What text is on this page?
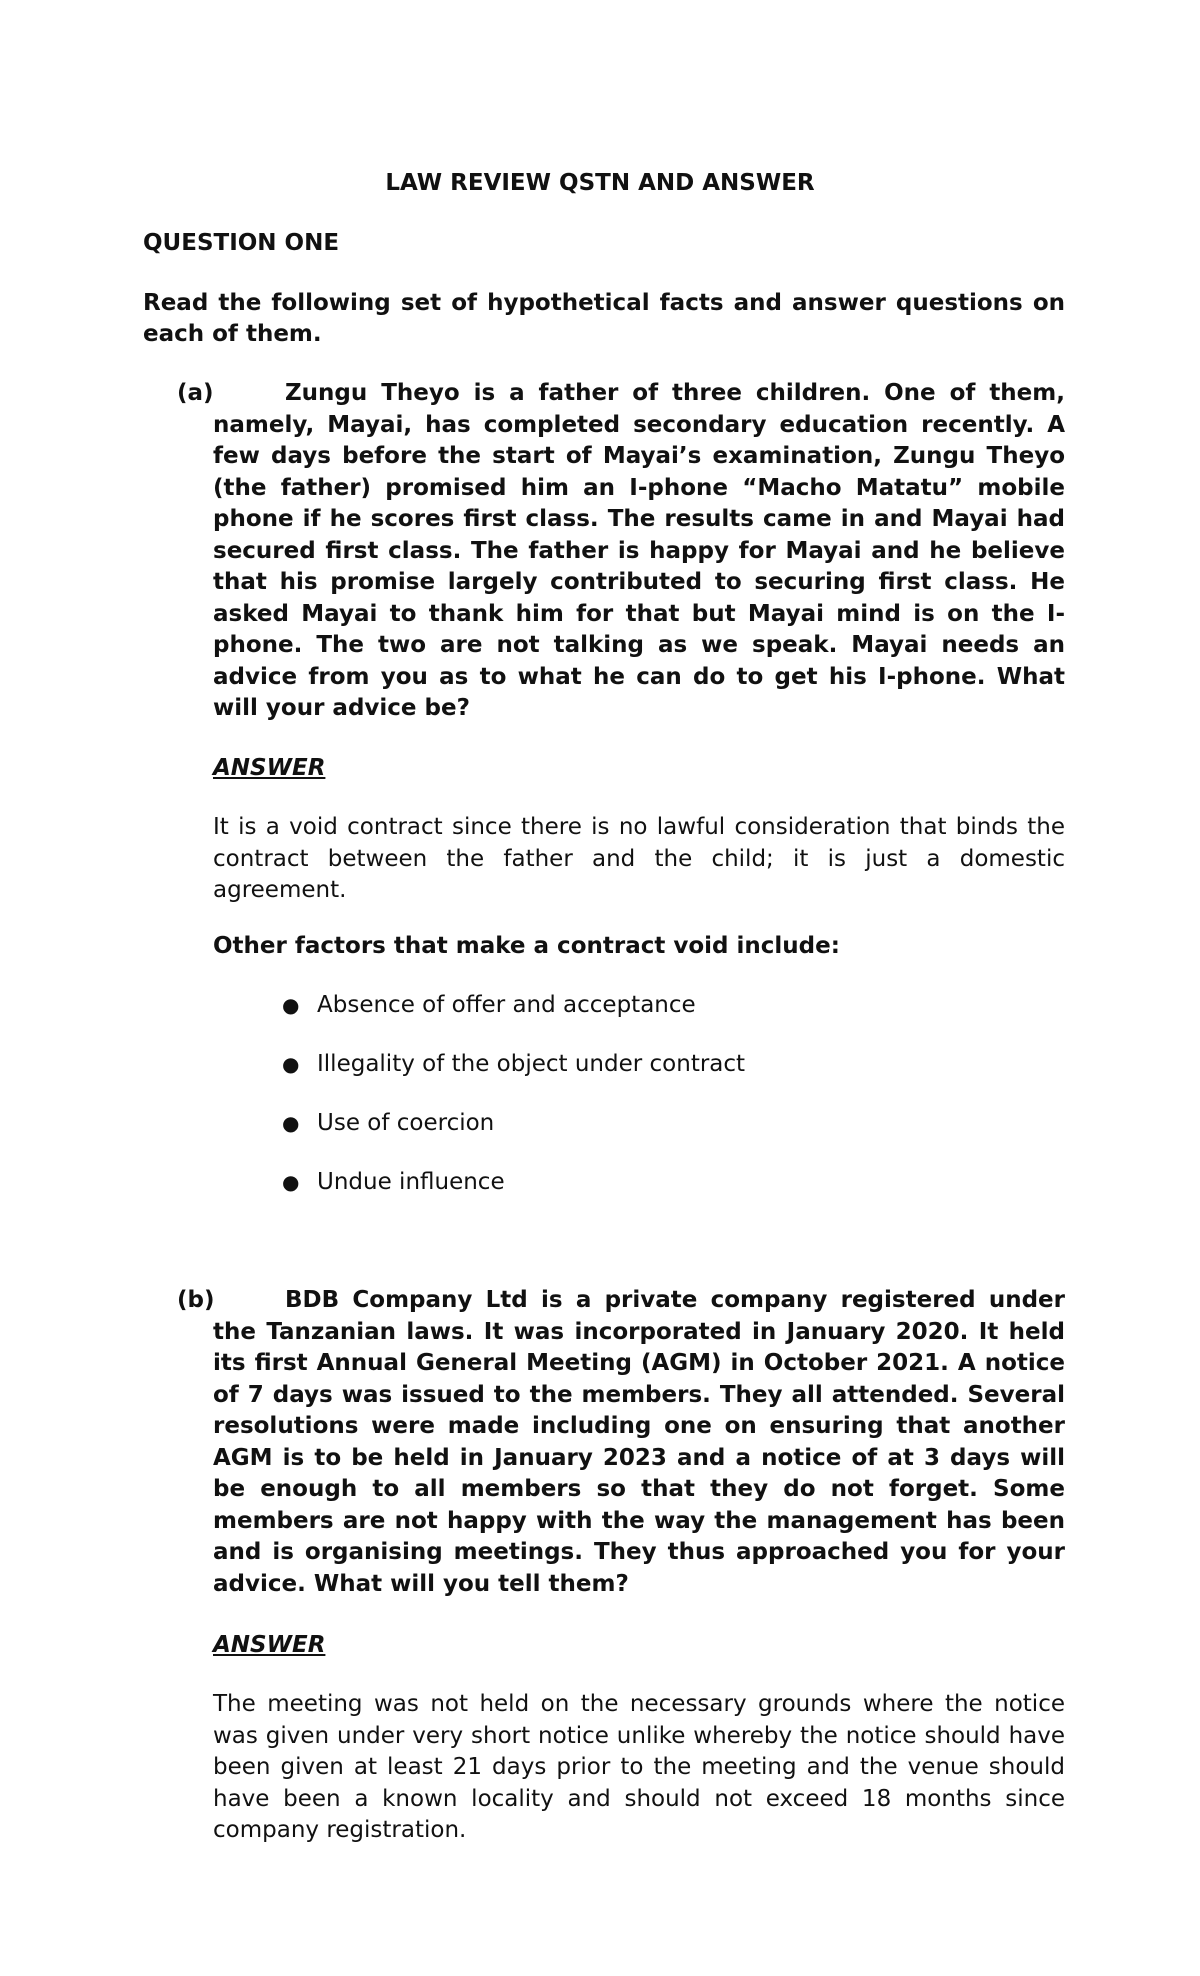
LAW REVIEW QSTN AND ANSWER
QUESTION ONE
Read the following set of hypothetical facts and answer questions on each of them.
(a)	Zungu Theyo is a father of three children. One of them, namely, Mayai, has completed secondary education recently. A few days before the start of Mayai’s examination, Zungu Theyo (the father) promised him an I-phone “Macho Matatu” mobile phone if he scores first class. The results came in and Mayai had secured first class. The father is happy for Mayai and he believe that his promise largely contributed to securing first class. He asked Mayai to thank him for that but Mayai mind is on the I-phone. The two are not talking as we speak. Mayai needs an advice from you as to what he can do to get his I-phone. What will your advice be?

ANSWER

It is a void contract since there is no lawful consideration that binds the contract between the father and the child; it is just a domestic agreement.

Other factors that make a contract void include:
● Absence of offer and acceptance
● Illegality of the object under contract
● Use of coercion
● Undue influence
(b)	BDB Company Ltd is a private company registered under the Tanzanian laws. It was incorporated in January 2020. It held its first Annual General Meeting (AGM) in October 2021. A notice of 7 days was issued to the members. They all attended. Several resolutions were made including one on ensuring that another AGM is to be held in January 2023 and a notice of at 3 days will be enough to all members so that they do not forget. Some members are not happy with the way the management has been and is organising meetings. They thus approached you for your advice. What will you tell them?

ANSWER

The meeting was not held on the necessary grounds where the notice was given under very short notice unlike whereby the notice should have been given at least 21 days prior to the meeting and the venue should have been a known locality and should not exceed 18 months since company registration.
